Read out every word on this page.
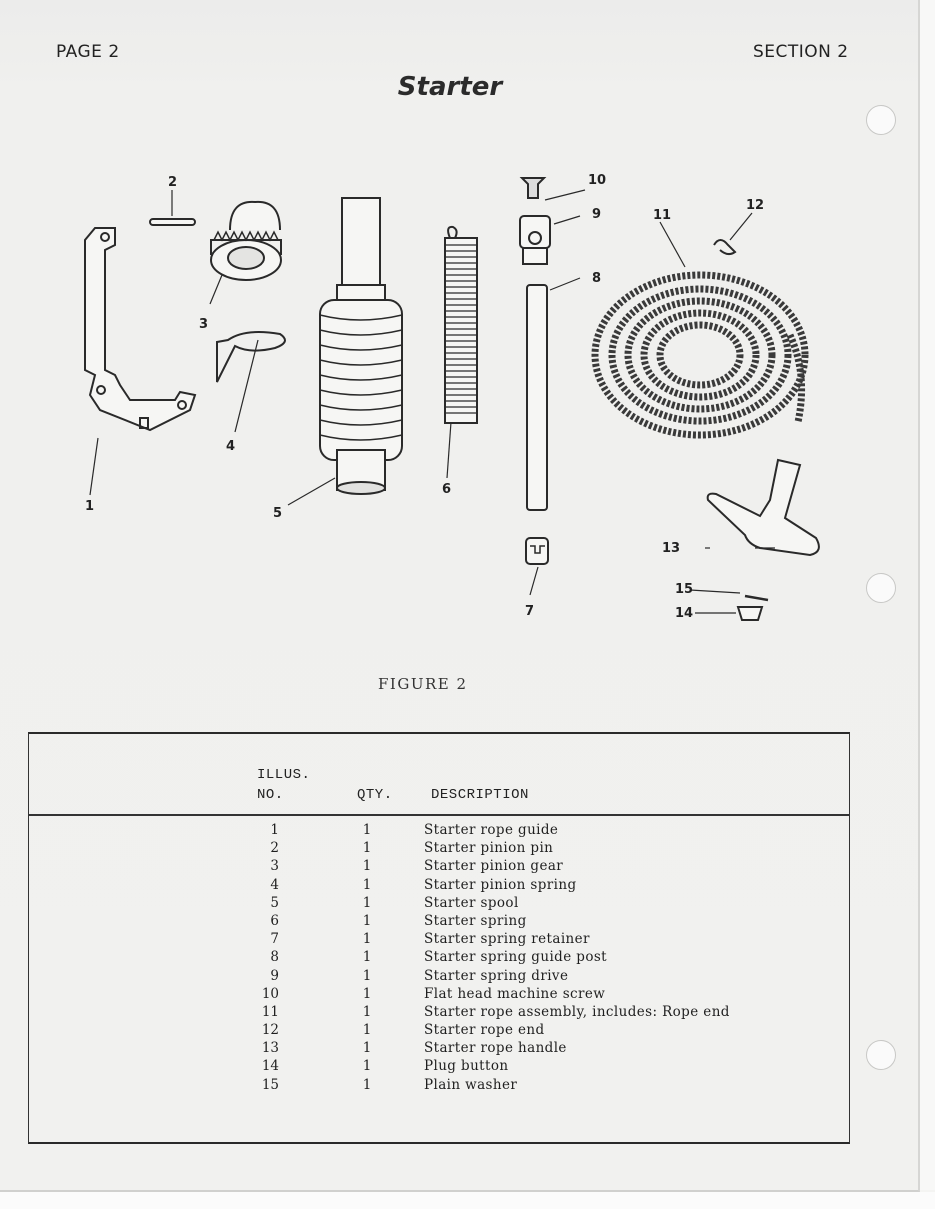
PAGE 2	SECTION 2
Starter
1
2
3
4
5
6
7
8
9
10
11
12
13
15
14
FIGURE 2
ILLUS.
NO.	QTY.	DESCRIPTION
1	1	Starter rope guide
2	1	Starter pinion pin
3	1	Starter pinion gear
4	1	Starter pinion spring
5	1	Starter spool
6	1	Starter spring
7	1	Starter spring retainer
8	1	Starter spring guide post
9	1	Starter spring drive
10	1	Flat head machine screw
11	1	Starter rope assembly, includes: Rope end
12	1	Starter rope end
13	1	Starter rope handle
14	1	Plug button
15	1	Plain washer
